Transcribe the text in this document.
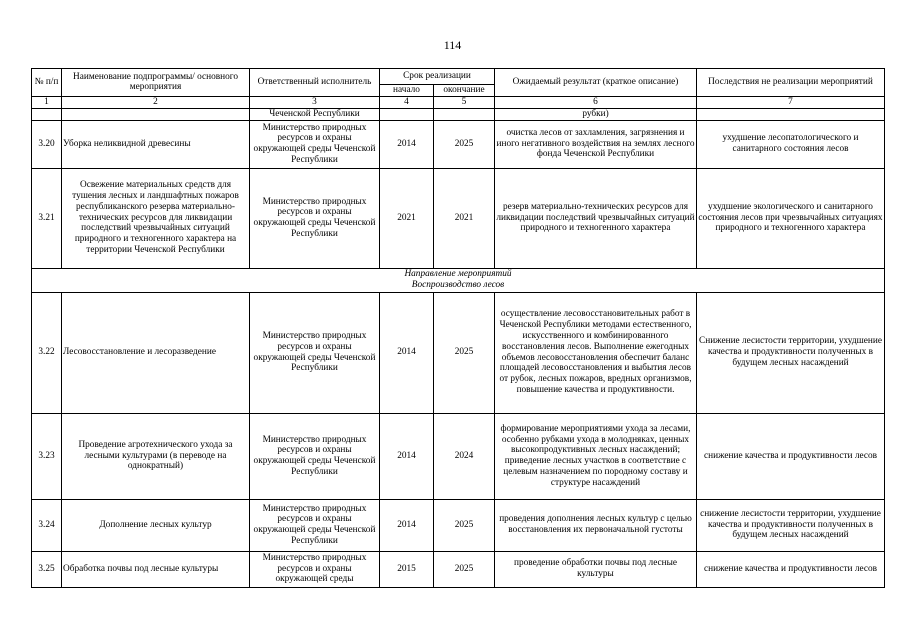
114
№ п/п	Наименование подпрограммы/ основного мероприятия	Ответственный исполнитель	Срок реализации		Ожидаемый результат (краткое описание)	Последствия не реализации мероприятий
			начало	окончание		
1	2	3	4	5	6	7
		Чеченской Республики			рубки)	
3.20	Уборка неликвидной древесины	Министерство природных ресурсов и охраны окружающей среды Чеченской Республики	2014	2025	очистка лесов от захламления, загрязнения и иного негативного воздействия на землях лесного фонда Чеченской Республики	ухудшение лесопатологического и санитарного состояния лесов
3.21	Освежение материальных средств для тушения лесных и ландшафтных пожаров республиканского резерва материально-технических ресурсов для ликвидации последствий чрезвычайных ситуаций природного и техногенного характера на территории Чеченской Республики	Министерство природных ресурсов и охраны окружающей среды Чеченской Республики	2021	2021	резерв материально-технических ресурсов для ликвидации последствий чрезвычайных ситуаций природного и техногенного характера	ухудшение экологического и санитарного состояния лесов при чрезвычайных ситуациях природного и техногенного характера

Направление мероприятий
Воспроизводство лесов						

3.22	Лесовосстановление и лесоразведение	Министерство природных ресурсов и охраны окружающей среды Чеченской Республики	2014	2025	осуществление лесовосстановительных работ в Чеченской Республики методами естественного, искусственного и комбинированного восстановления лесов. Выполнение ежегодных объемов лесовосстановления обеспечит баланс площадей лесовосстановления и выбытия лесов от рубок, лесных пожаров, вредных организмов, повышение качества и продуктивности.	Снижение лесистости территории, ухудшение качества и продуктивности полученных в будущем лесных насаждений
3.23	Проведение агротехнического ухода за лесными культурами (в переводе на однократный)	Министерство природных ресурсов и охраны окружающей среды Чеченской Республики	2014	2024	формирование мероприятиями ухода за лесами, особенно рубками ухода в молодняках, ценных высокопродуктивных лесных насаждений; приведение лесных участков в соответствие с целевым назначением по породному составу и структуре насаждений	снижение качества и продуктивности лесов
3.24	Дополнение лесных культур	Министерство природных ресурсов и охраны окружающей среды Чеченской Республики	2014	2025	проведения дополнения лесных культур с целью восстановления их первоначальной густоты	снижение лесистости территории, ухудшение качества и продуктивности полученных в будущем лесных насаждений
3.25	Обработка почвы под лесные культуры	Министерство природных ресурсов и охраны окружающей среды	2015	2025	проведение обработки почвы под лесные культуры	снижение качества и продуктивности лесов
